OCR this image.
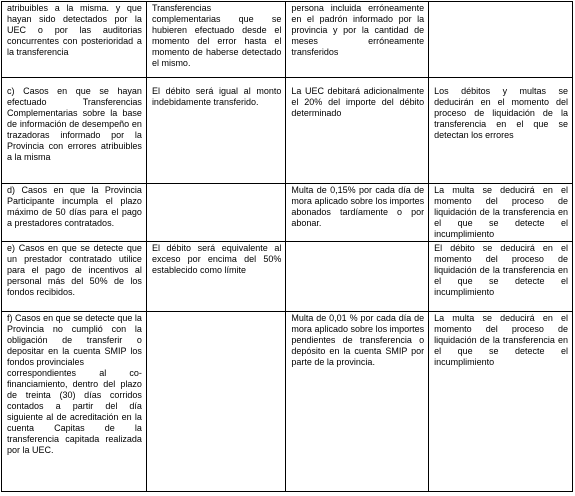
atribuibles a la misma. y que hayan sido detectados por la UEC o por las auditorias concurrentes con posterioridad a la transferencia	Transferencias complementarias que se hubieren efectuado desde el momento del error hasta el momento de haberse detectado el mismo.	persona incluida erróneamente en el padrón informado por la provincia y por la cantidad de meses erróneamente transferidos	
c) Casos en que se hayan efectuado Transferencias Complementarias sobre la base de información de desempeño en trazadoras informado por la Provincia con errores atribuibles a la misma	El débito será igual al monto indebidamente transferido.	La UEC debitará adicionalmente el 20% del importe del débito determinado	Los débitos y multas se deducirán en el momento del proceso de liquidación de la transferencia en el que se detectan los errores
d) Casos en que la Provincia Participante incumpla el plazo máximo de 50 días para el pago a prestadores contratados.		Multa de 0,15% por cada día de mora aplicado sobre los importes abonados tardíamente o por abonar.	La multa se deducirá en el momento del proceso de liquidación de la transferencia en el que se detecte el incumplimiento
e) Casos en que se detecte que un prestador contratado utilice para el pago de incentivos al personal más del 50% de los fondos recibidos.	El débito será equivalente al exceso por encima del 50% establecido como límite		El débito se deducirá en el momento del proceso de liquidación de la transferencia en el que se detecte el incumplimiento

f) Casos en que se detecte que la Provincia no cumplió con la obligación de transferir o depositar en la cuenta SMIP los fondos provinciales
correspondientes al co-financiamiento, dentro del plazo de treinta (30) días corridos contados a partir del día siguiente al de acreditación en la cuenta Capitas de la transferencia capitada realizada por la UEC.		Multa de 0,01 % por cada día de mora aplicado sobre los importes pendientes de transferencia o depósito en la cuenta SMIP por parte de la provincia.	La multa se deducirá en el momento del proceso de liquidación de la transferencia en el que se detecte el incumplimiento
